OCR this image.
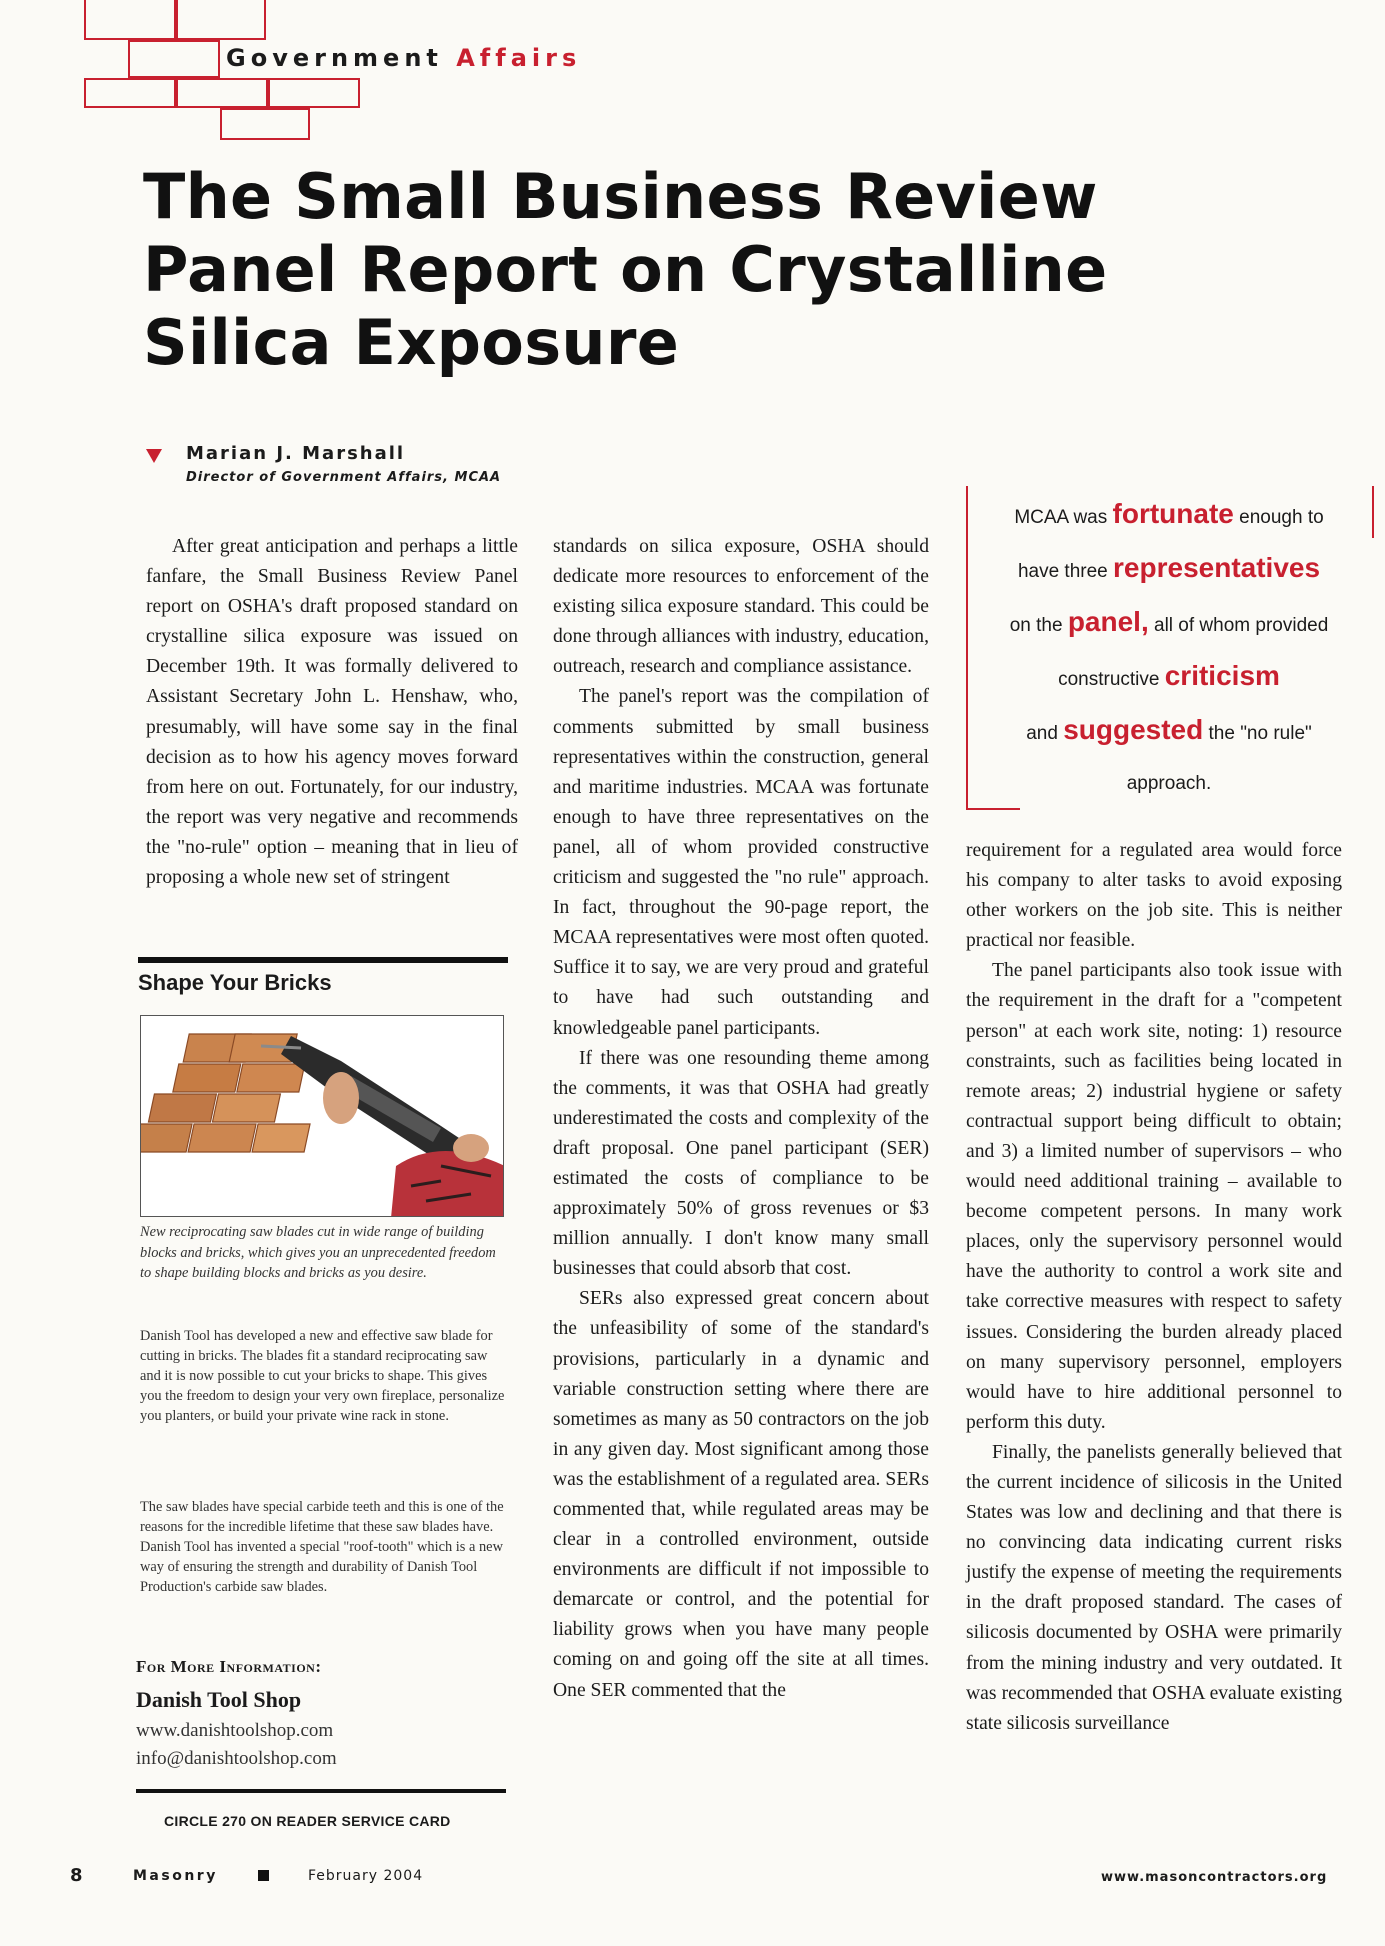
Government Affairs
The Small Business Review
Panel Report on Crystalline
Silica Exposure
Marian J. Marshall
Director of Government Affairs, MCAA

After great anticipation and perhaps a little fanfare, the Small Business Review Panel report on OSHA's draft proposed standard on crystalline silica exposure was issued on December 19th. It was formally delivered to Assistant Secretary John L. Henshaw, who, presumably, will have some say in the final decision as to how his agency moves forward from here on out. Fortunately, for our industry, the report was very negative and recommends the "no-rule" option – meaning that in lieu of proposing a whole new set of stringent

standards on silica exposure, OSHA should dedicate more resources to enforcement of the existing silica exposure standard. This could be done through alliances with industry, education, outreach, research and compliance assistance.

The panel's report was the compilation of comments submitted by small business representatives within the construction, general and maritime industries. MCAA was fortunate enough to have three representatives on the panel, all of whom provided constructive criticism and suggested the "no rule" approach. In fact, throughout the 90-page report, the MCAA representatives were most often quoted. Suffice it to say, we are very proud and grateful to have had such outstanding and knowledgeable panel participants.

If there was one resounding theme among the comments, it was that OSHA had greatly underestimated the costs and complexity of the draft proposal. One panel participant (SER) estimated the costs of compliance to be approximately 50% of gross revenues or $3 million annually. I don't know many small businesses that could absorb that cost.

SERs also expressed great concern about the unfeasibility of some of the standard's provisions, particularly in a dynamic and variable construction setting where there are sometimes as many as 50 contractors on the job in any given day. Most significant among those was the establishment of a regulated area. SERs commented that, while regulated areas may be clear in a controlled environment, outside environments are difficult if not impossible to demarcate or control, and the potential for liability grows when you have many people coming on and going off the site at all times. One SER commented that the

MCAA was fortunate enough to
have three representatives
on the panel, all of whom provided
constructive criticism
and suggested the "no rule"
approach.

requirement for a regulated area would force his company to alter tasks to avoid exposing other workers on the job site. This is neither practical nor feasible.

The panel participants also took issue with the requirement in the draft for a "competent person" at each work site, noting: 1) resource constraints, such as facilities being located in remote areas; 2) industrial hygiene or safety contractual support being difficult to obtain; and 3) a limited number of supervisors – who would need additional training – available to become competent persons. In many work places, only the supervisory personnel would have the authority to control a work site and take corrective measures with respect to safety issues. Considering the burden already placed on many supervisory personnel, employers would have to hire additional personnel to perform this duty.

Finally, the panelists generally believed that the current incidence of silicosis in the United States was low and declining and that there is no convincing data indicating current risks justify the expense of meeting the requirements in the draft proposed standard. The cases of silicosis documented by OSHA were primarily from the mining industry and very outdated. It was recommended that OSHA evaluate existing state silicosis surveillance

Shape Your Bricks
New reciprocating saw blades cut in wide range of building blocks and bricks, which gives you an unprecedented freedom to shape building blocks and bricks as you desire.
Danish Tool has developed a new and effective saw blade for cutting in bricks. The blades fit a standard reciprocating saw and it is now possible to cut your bricks to shape. This gives you the freedom to design your very own fireplace, personalize you planters, or build your private wine rack in stone.
The saw blades have special carbide teeth and this is one of the reasons for the incredible lifetime that these saw blades have. Danish Tool has invented a special "roof-tooth" which is a new way of ensuring the strength and durability of Danish Tool Production's carbide saw blades.
For More Information:
Danish Tool Shop
www.danishtoolshop.com
info@danishtoolshop.com
CIRCLE 270 ON READER SERVICE CARD
8	Masonry	February 2004	www.masoncontractors.org
